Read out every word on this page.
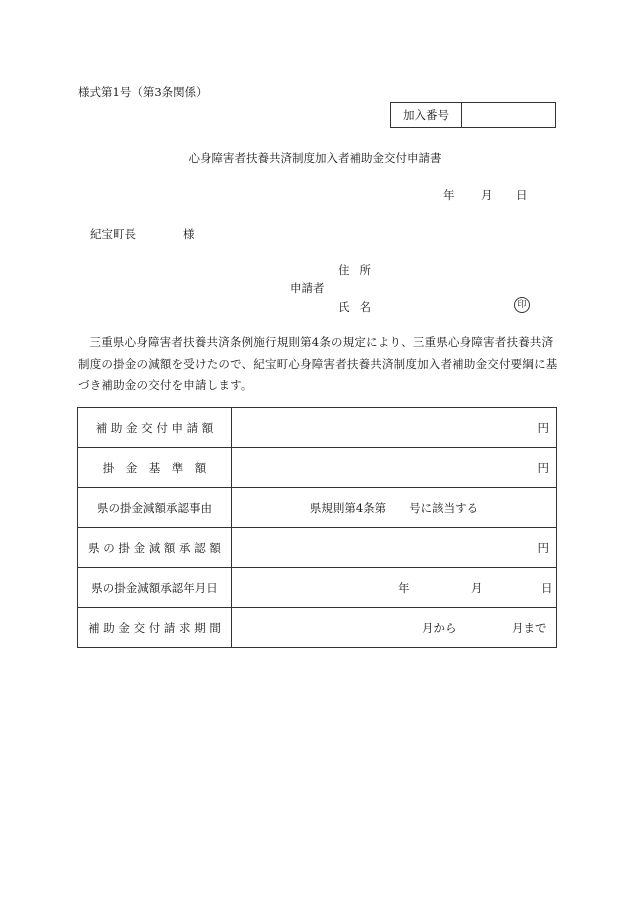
様式第1号（第3条関係）
加入番号
心身障害者扶養共済制度加入者補助金交付申請書
年 月 日
紀宝町長	様
住所
申請者
氏名	印
三重県心身障害者扶養共済条例施行規則第4条の規定により、三重県心身障害者扶養共済制度の掛金の減額を受けたので、紀宝町心身障害者扶養共済制度加入者補助金交付要綱に基づき補助金の交付を申請します。
補 助 金 交 付 申 請 額	円

掛　金　基　準　額	円

県の掛金減額承認事由	県規則第4条第　　号に該当する
県 の 掛 金 減 額 承 認 額	円

県の掛金減額承認年月日	年 月 日

補 助 金 交 付 請 求 期 間	月から 月まで
